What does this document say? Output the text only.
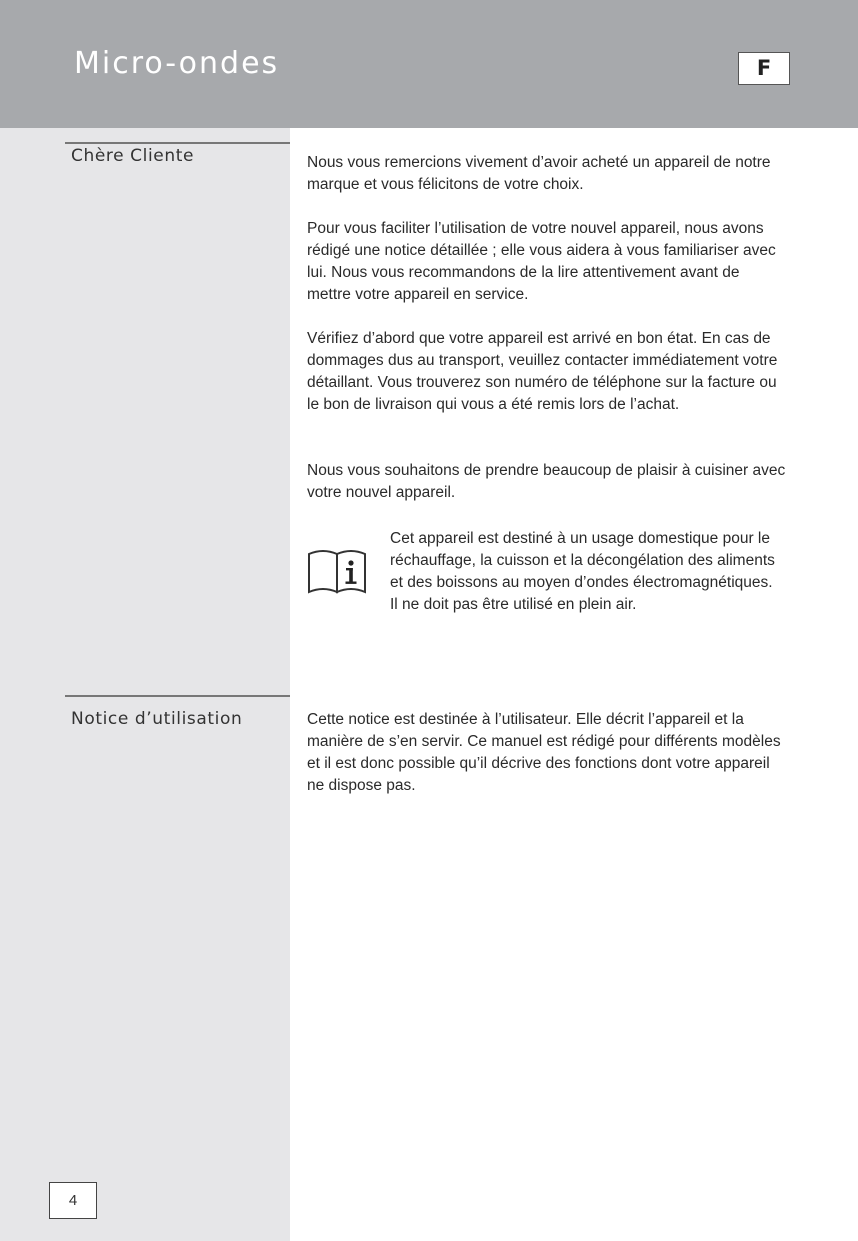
Micro-ondes	F
Chère Cliente	Nous vous remercions vivement d’avoir acheté un appareil de notre marque et vous félicitons de votre choix.

Pour vous faciliter l’utilisation de votre nouvel appareil, nous avons rédigé une notice détaillée ; elle vous aidera à vous familiariser avec lui. Nous vous recommandons de la lire attentivement avant de mettre votre appareil en service.

Vérifiez d’abord que votre appareil est arrivé en bon état. En cas de dommages dus au transport, veuillez contacter immédiatement votre détaillant. Vous trouverez son numéro de téléphone sur la facture ou le bon de livraison qui vous a été remis lors de l’achat.

Nous vous souhaitons de prendre beaucoup de plaisir à cuisiner avec votre nouvel appareil.

Cet appareil est destiné à un usage domestique pour le réchauffage, la cuisson et la décongélation des aliments et des boissons au moyen d’ondes électromagnétiques.

Il ne doit pas être utilisé en plein air.

Notice d’utilisation	Cette notice est destinée à l’utilisateur. Elle décrit l’appareil et la manière de s’en servir. Ce manuel est rédigé pour différents modèles et il est donc possible qu’il décrive des fonctions dont votre appareil ne dispose pas.

4
